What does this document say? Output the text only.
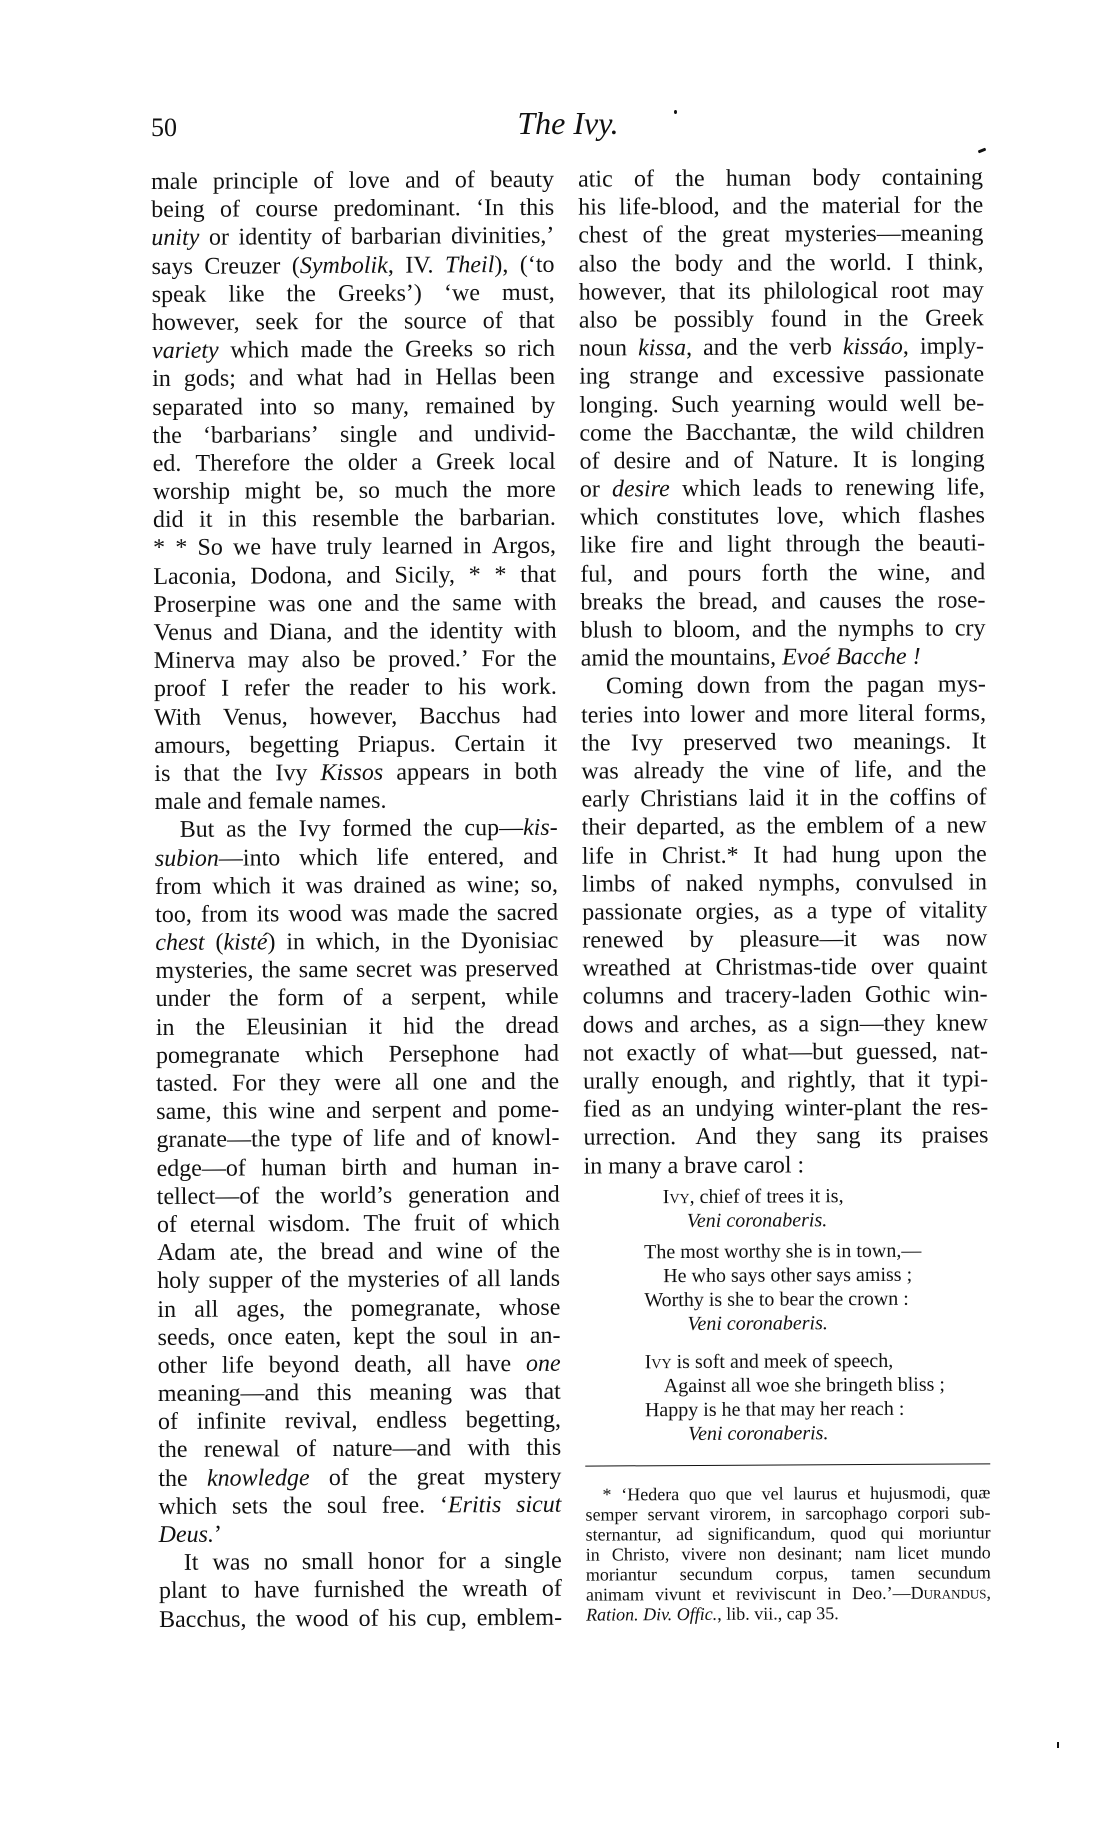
50	The Ivy.
male principle of love and of beauty
being of course predominant. ‘In this
unity or identity of barbarian divinities,’
says Creuzer (Symbolik, IV. Theil), (‘to
speak like the Greeks’) ‘we must,
however, seek for the source of that
variety which made the Greeks so rich
in gods; and what had in Hellas been
separated into so many, remained by
the ‘barbarians’ single and undivid-
ed. Therefore the older a Greek local
worship might be, so much the more
did it in this resemble the barbarian.
* * So we have truly learned in Argos,
Laconia, Dodona, and Sicily, * * that
Proserpine was one and the same with
Venus and Diana, and the identity with
Minerva may also be proved.’ For the
proof I refer the reader to his work.
With Venus, however, Bacchus had
amours, begetting Priapus. Certain it
is that the Ivy Kissos appears in both
male and female names.
But as the Ivy formed the cup—kis-
subion—into which life entered, and
from which it was drained as wine; so,
too, from its wood was made the sacred
chest (kisté) in which, in the Dyonisiac
mysteries, the same secret was preserved
under the form of a serpent, while
in the Eleusinian it hid the dread
pomegranate which Persephone had
tasted. For they were all one and the
same, this wine and serpent and pome-
granate—the type of life and of knowl-
edge—of human birth and human in-
tellect—of the world’s generation and
of eternal wisdom. The fruit of which
Adam ate, the bread and wine of the
holy supper of the mysteries of all lands
in all ages, the pomegranate, whose
seeds, once eaten, kept the soul in an-
other life beyond death, all have one
meaning—and this meaning was that
of infinite revival, endless begetting,
the renewal of nature—and with this
the knowledge of the great mystery
which sets the soul free. ‘Eritis sicut
Deus.’
It was no small honor for a single
plant to have furnished the wreath of
Bacchus, the wood of his cup, emblem-
atic of the human body containing
his life-blood, and the material for the
chest of the great mysteries—meaning
also the body and the world. I think,
however, that its philological root may
also be possibly found in the Greek
noun kissa, and the verb kissáo, imply-
ing strange and excessive passionate
longing. Such yearning would well be-
come the Bacchantæ, the wild children
of desire and of Nature. It is longing
or desire which leads to renewing life,
which constitutes love, which flashes
like fire and light through the beauti-
ful, and pours forth the wine, and
breaks the bread, and causes the rose-
blush to bloom, and the nymphs to cry
amid the mountains, Evoé Bacche !
Coming down from the pagan mys-
teries into lower and more literal forms,
the Ivy preserved two meanings. It
was already the vine of life, and the
early Christians laid it in the coffins of
their departed, as the emblem of a new
life in Christ.* It had hung upon the
limbs of naked nymphs, convulsed in
passionate orgies, as a type of vitality
renewed by pleasure—it was now
wreathed at Christmas-tide over quaint
columns and tracery-laden Gothic win-
dows and arches, as a sign—they knew
not exactly of what—but guessed, nat-
urally enough, and rightly, that it typi-
fied as an undying winter-plant the res-
urrection. And they sang its praises
in many a brave carol :
Ivy, chief of trees it is,
Veni coronaberis.
The most worthy she is in town,—
He who says other says amiss ;
Worthy is she to bear the crown :
Veni coronaberis.
Ivy is soft and meek of speech,
Against all woe she bringeth bliss ;
Happy is he that may her reach :
Veni coronaberis.
* ‘Hedera quo que vel laurus et hujusmodi, quæ
semper servant virorem, in sarcophago corpori sub-
sternantur, ad significandum, quod qui moriuntur
in Christo, vivere non desinant; nam licet mundo
moriantur secundum corpus, tamen secundum
animam vivunt et reviviscunt in Deo.’—Durandus,
Ration. Div. Offic., lib. vii., cap 35.
